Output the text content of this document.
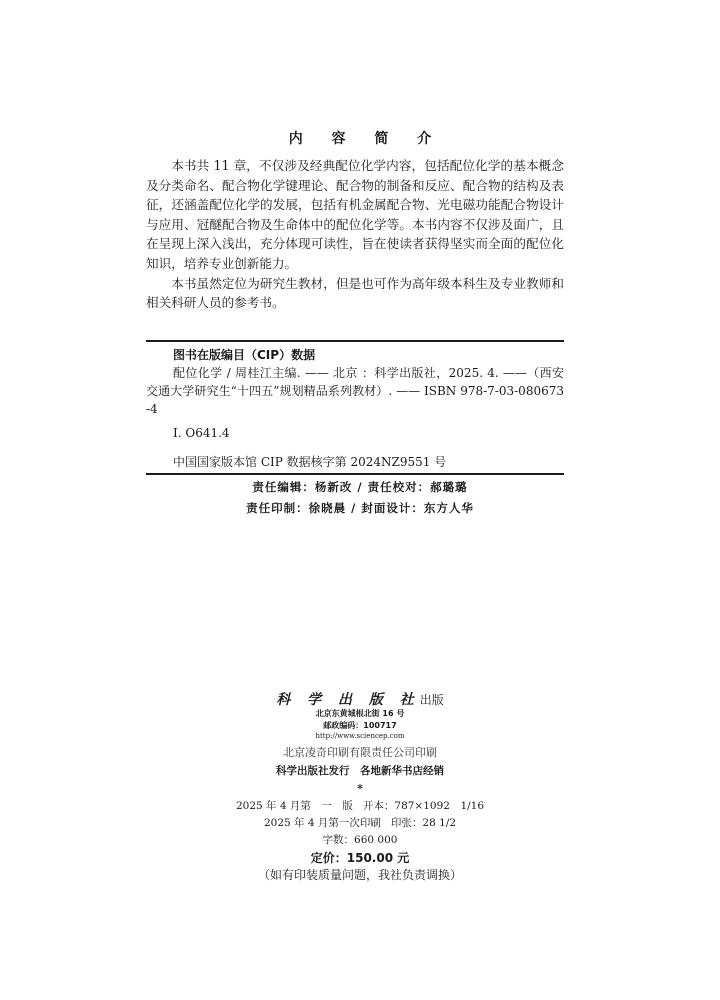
内 容 简 介

本书共 11 章，不仅涉及经典配位化学内容，包括配位化学的基本概念及分类命名、配合物化学键理论、配合物的制备和反应、配合物的结构及表征，还涵盖配位化学的发展，包括有机金属配合物、光电磁功能配合物设计与应用、冠醚配合物及生命体中的配位化学等。本书内容不仅涉及面广，且在呈现上深入浅出，充分体现可读性，旨在使读者获得坚实而全面的配位化知识，培养专业创新能力。

本书虽然定位为研究生教材，但是也可作为高年级本科生及专业教师和相关科研人员的参考书。

图书在版编目（CIP）数据

配位化学 / 周桂江主编. —— 北京 ：科学出版社，2025. 4. ——（西安交通大学研究生“十四五”规划精品系列教材）. —— ISBN 978-7-03-080673-4

Ⅰ. O641.4
中国国家版本馆 CIP 数据核字第 2024NZ9551 号
责任编辑：杨新改 / 责任校对：郝璐璐
责任印制：徐晓晨 / 封面设计：东方人华
科 学 出 版 社出版
北京东黄城根北街 16 号
邮政编码：100717
http://www.sciencep.com
北京凌奇印刷有限责任公司印刷
科学出版社发行　各地新华书店经销
*
2025 年 4 月第　一　版 开本：787×1092　1/16
2025 年 4 月第一次印刷 印张：28 1/2
字数：660 000
定价：150.00 元
（如有印装质量问题，我社负责调换）
